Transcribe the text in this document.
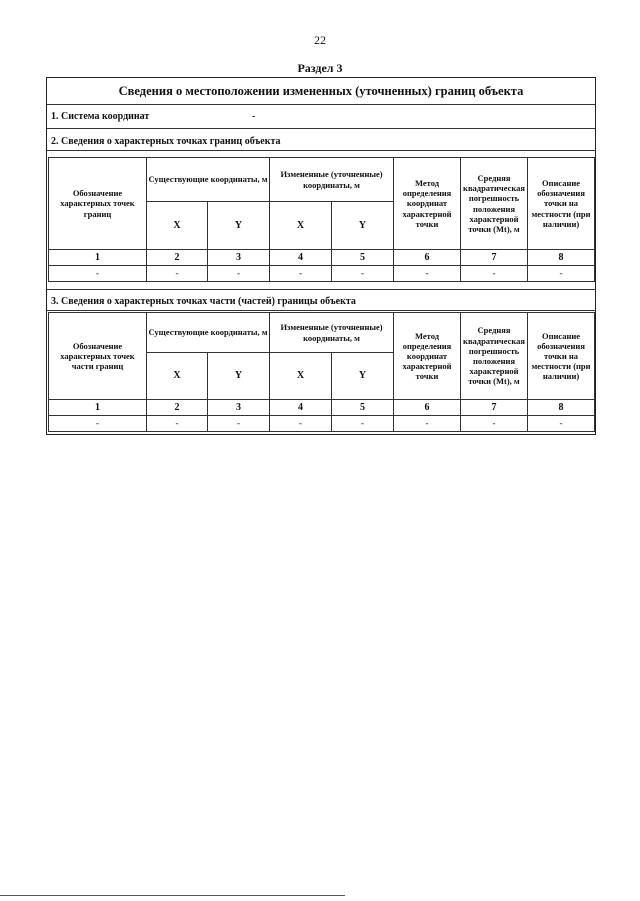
22
Раздел 3
Сведения о местоположении измененных (уточненных) границ объекта
1. Система координат	-
2. Сведения о характерных точках границ объекта
Обозначение характерных точек границ	Существующие координаты, м		Измененные (уточненные) координаты, м		Метод определения координат характерной точки	Средняя квадратическая погрешность положения характерной точки (Mt), м	Описание обозначения точки на местности (при наличии)
	X	Y	X	Y			
1	2	3	4	5	6	7	8
-	-	-	-	-	-	-	-
3. Сведения о характерных точках части (частей) границы объекта
Обозначение характерных точек части границ	Существующие координаты, м		Измененные (уточненные) координаты, м		Метод определения координат характерной точки	Средняя квадратическая погрешность положения характерной точки (Mt), м	Описание обозначения точки на местности (при наличии)
	X	Y	X	Y			
1	2	3	4	5	6	7	8
-	-	-	-	-	-	-	-
